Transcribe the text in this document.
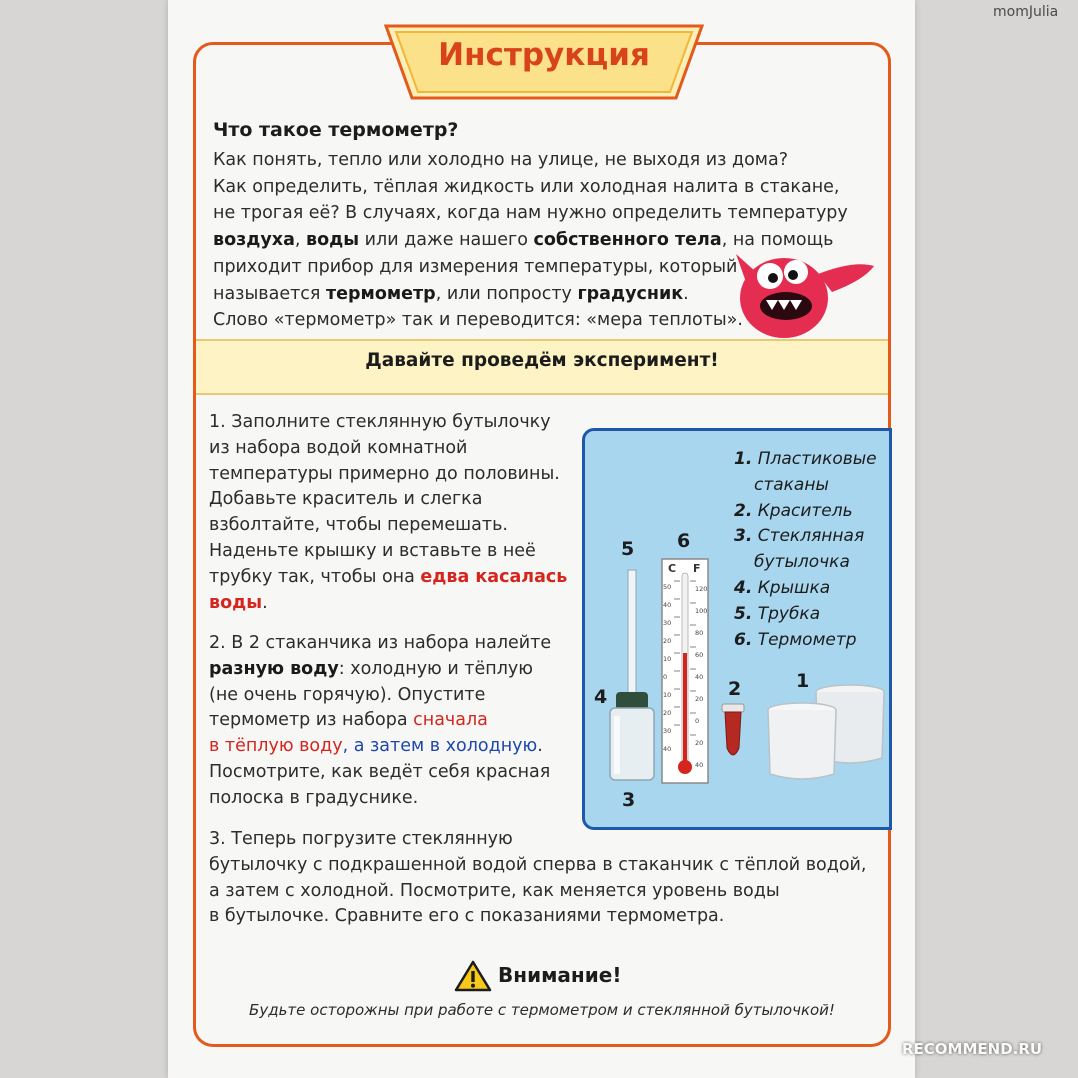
Инструкция
Что такое термометр?
Как понять, тепло или холодно на улице, не выходя из дома?
Как определить, тёплая жидкость или холодная налита в стакане,
не трогая её? В случаях, когда нам нужно определить температуру
воздуха, воды или даже нашего собственного тела, на помощь
приходит прибор для измерения температуры, который
называется термометр, или попросту градусник.
Слово «термометр» так и переводится: «мера теплоты».
Давайте проведём эксперимент!
1. Заполните стеклянную бутылочку
из набора водой комнатной
температуры примерно до половины.
Добавьте краситель и слегка
взболтайте, чтобы перемешать.
Наденьте крышку и вставьте в неё
трубку так, чтобы она едва касалась
воды.
2. В 2 стаканчика из набора налейте
разную воду: холодную и тёплую
(не очень горячую). Опустите
термометр из набора сначала
в тёплую воду, а затем в холодную.
Посмотрите, как ведёт себя красная
полоска в градуснике.
3. Теперь погрузите стеклянную
бутылочку с подкрашенной водой сперва в стаканчик с тёплой водой,
а затем с холодной. Посмотрите, как меняется уровень воды
в бутылочке. Сравните его с показаниями термометра.
1. Пластиковые
стаканы
2. Краситель
3. Стеклянная
бутылочка
4. Крышка
5. Трубка
6. Термометр
C F
50
40
30
20
10
0
10
20
30
40
120
100
80
60
40
20
0
20
40
5 6
4	2	1
3
Внимание!
Будьте осторожны при работе с термометром и стеклянной бутылочкой!
momJulia
RECOMMEND.RU
